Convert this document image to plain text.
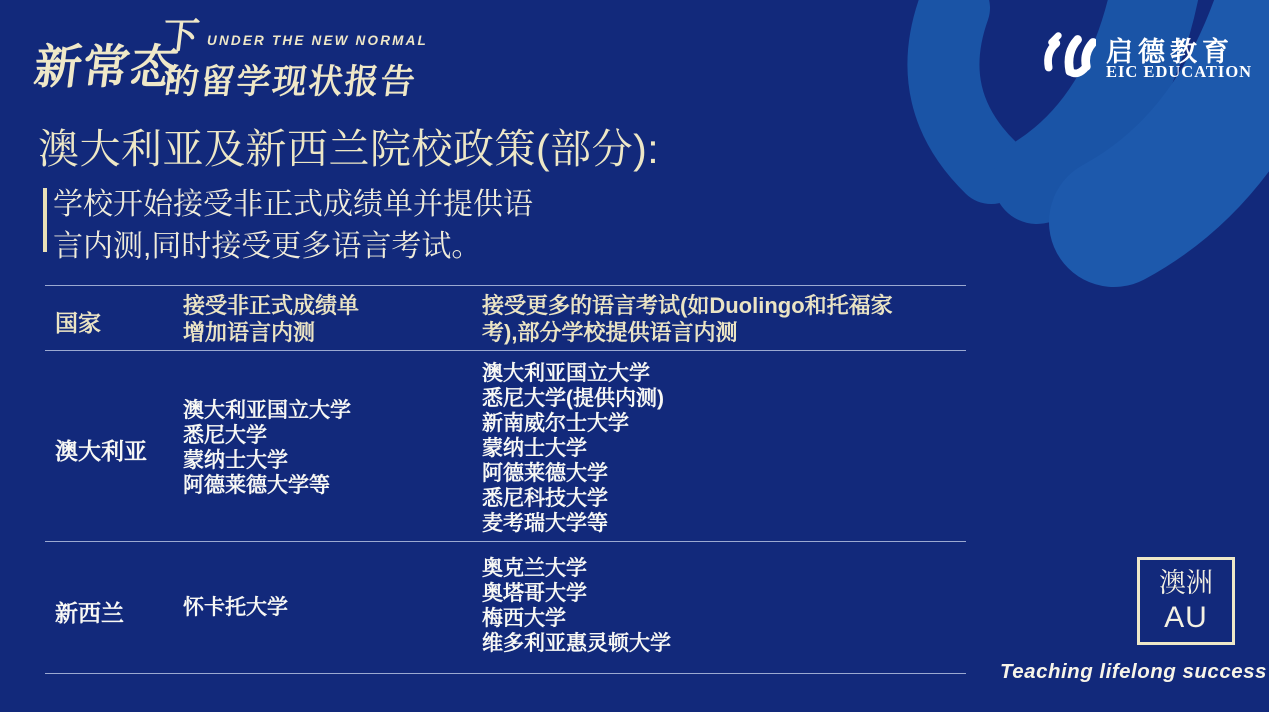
新常态
下 UNDER THE NEW NORMAL
的留学现状报告
启德教育
EIC EDUCATION
澳大利亚及新西兰院校政策(部分):
学校开始接受非正式成绩单并提供语
言内测,同时接受更多语言考试。
国家
接受非正式成绩单
增加语言内测
接受更多的语言考试(如Duolingo和托福家
考),部分学校提供语言内测
澳大利亚
澳大利亚国立大学
悉尼大学
蒙纳士大学
阿德莱德大学等
澳大利亚国立大学
悉尼大学(提供内测)
新南威尔士大学
蒙纳士大学
阿德莱德大学
悉尼科技大学
麦考瑞大学等
新西兰	怀卡托大学
奥克兰大学
奥塔哥大学
梅西大学
维多利亚惠灵顿大学
澳洲
AU
Teaching lifelong success
